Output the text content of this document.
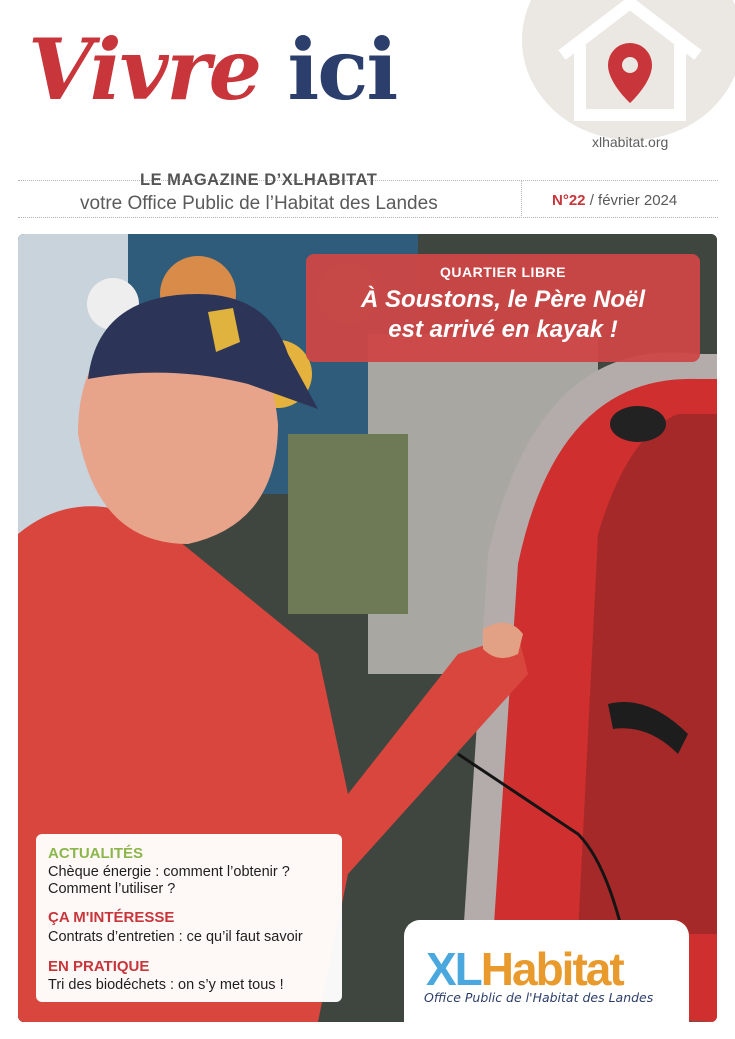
Vivre ici
xlhabitat.org
LE MAGAZINE D’XLHABITAT
votre Office Public de l’Habitat des Landes	N°22 / février 2024
QUARTIER LIBRE
À Soustons, le Père Noël
est arrivé en kayak !
ACTUALITÉS
Chèque énergie : comment l’obtenir ?
Comment l’utiliser ?
ÇA M'INTÉRESSE
Contrats d’entretien : ce qu’il faut savoir
EN PRATIQUE
Tri des biodéchets : on s’y met tous !	XLHabitat
Office Public de l'Habitat des Landes
